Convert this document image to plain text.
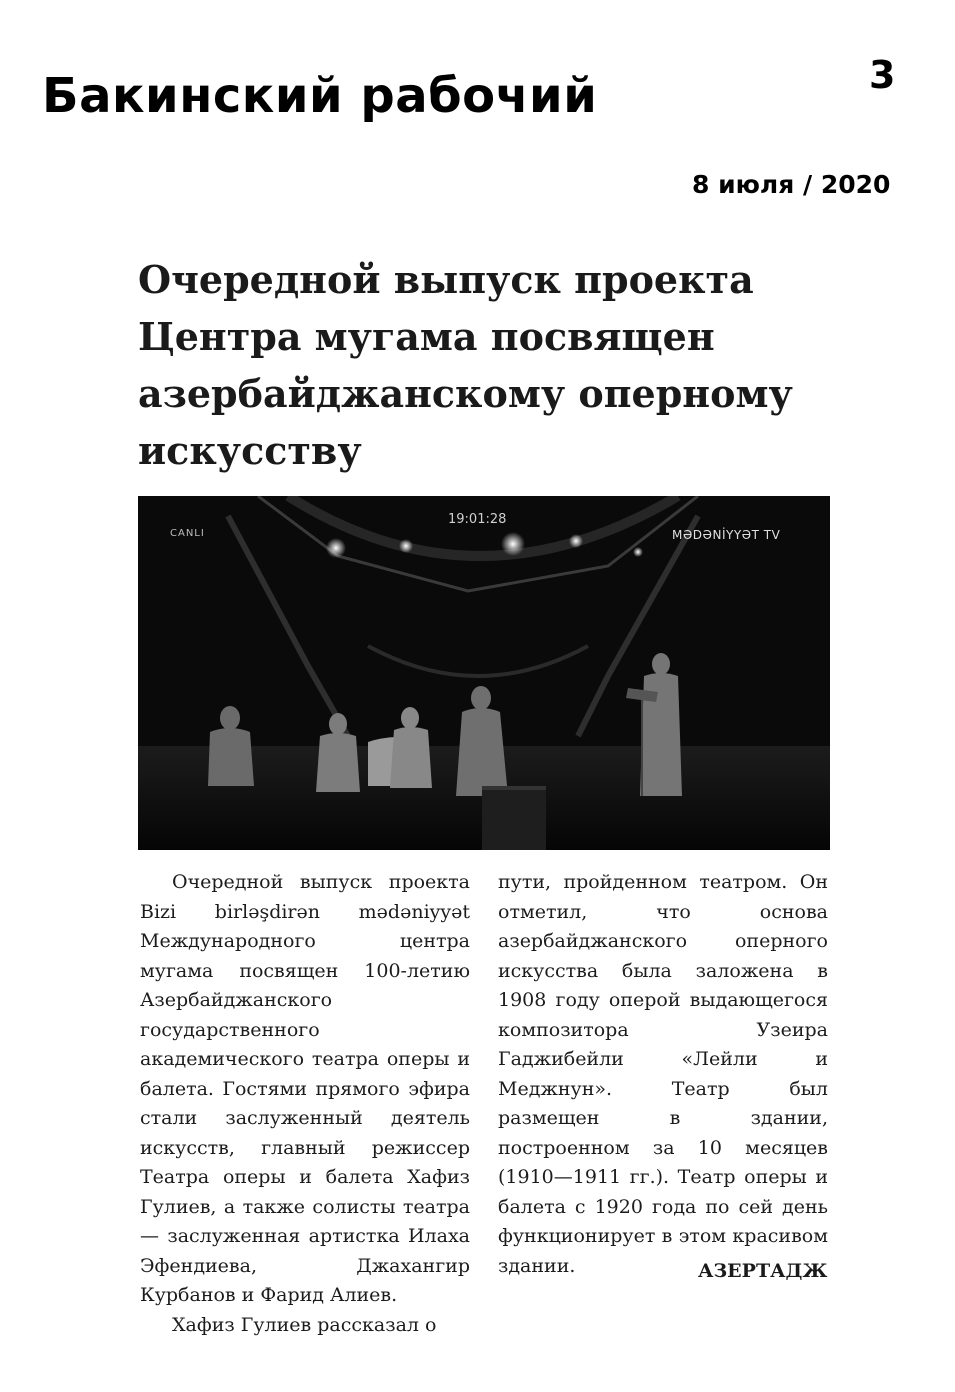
Бакинский рабочий	3
8 июля / 2020
Очередной выпуск проекта
Центра мугама посвящен
азербайджанскому оперному
искусству
CANLI
19:01:28
MƏDƏNİYYƏT TV

Очередной выпуск проекта Bizi birləşdirən mədəniyyət Международного центра мугама посвящен 100-летию Азербайджанского государственного академического театра оперы и балета. Гостями прямого эфира стали заслуженный деятель искусств, главный режиссер Театра оперы и балета Хафиз Гулиев, а также солисты театра — заслуженная артистка Илаха Эфендиева, Джахангир Курбанов и Фарид Алиев.

Хафиз Гулиев рассказал о

пути, пройденном театром. Он отметил, что основа азербайджанского оперного искусства была заложена в 1908 году оперой выдающегося композитора Узеира Гаджибейли «Лейли и Меджнун». Театр был размещен в здании, построенном за 10 месяцев (1910—1911 гг.). Театр оперы и балета с 1920 года по сей день функционирует в этом красивом здании.	АЗЕРТАДЖ
